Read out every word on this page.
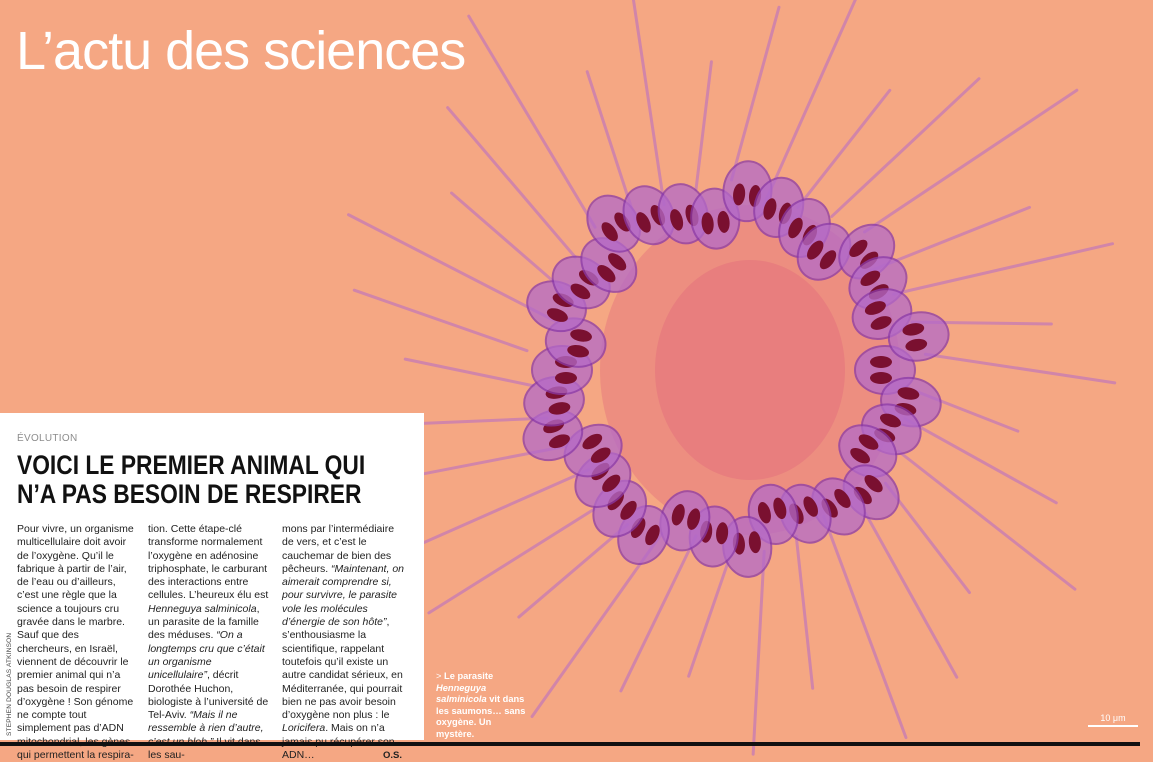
L’actu des sciences
ÉVOLUTION
VOICI LE PREMIER ANIMAL QUI
N’A PAS BESOIN DE RESPIRER

Pour vivre, un organisme multicellulaire doit avoir de l’oxygène. Qu’il le fabrique à partir de l’air, de l’eau ou d’ailleurs, c’est une règle que la science a toujours cru gravée dans le marbre. Sauf que des chercheurs, en Israël, viennent de découvrir le premier animal qui n’a pas besoin de respirer d’oxygène ! Son génome ne compte tout simplement pas d’ADN qui permettent la respira-

tion. Cette étape-clé transforme normalement l’oxygène en adénosine triphosphate, le carburant des interactions entre cellules. L’heureux élu est Henneguya salminicola, un parasite de la famille des méduses. “On a longtemps cru que c’était un organisme unicellulaire”, décrit Dorothée Huchon, biologiste à l’université de Tel-Aviv. “Mais il ne ressemble à rien d’autre, les sau-

mons par l’intermédiaire de vers, et c’est le cauchemar de bien des pêcheurs. “Maintenant, on aimerait comprendre si, pour survivre, le parasite vole les molécules d’énergie de son hôte”, s’enthousiasme la scientifique, rappelant toutefois qu’il existe un autre candidat sérieux, en Méditerranée, qui pourrait bien ne pas avoir besoin d’oxygène non plus : le Loricifera. Mais on n’a ADN…	O.S.

STEPHEN DOUGLAS ATKINSON	> Le parasite Henneguya salminicola vit dans les saumons… sans oxygène. Un mystère.
10 μm
